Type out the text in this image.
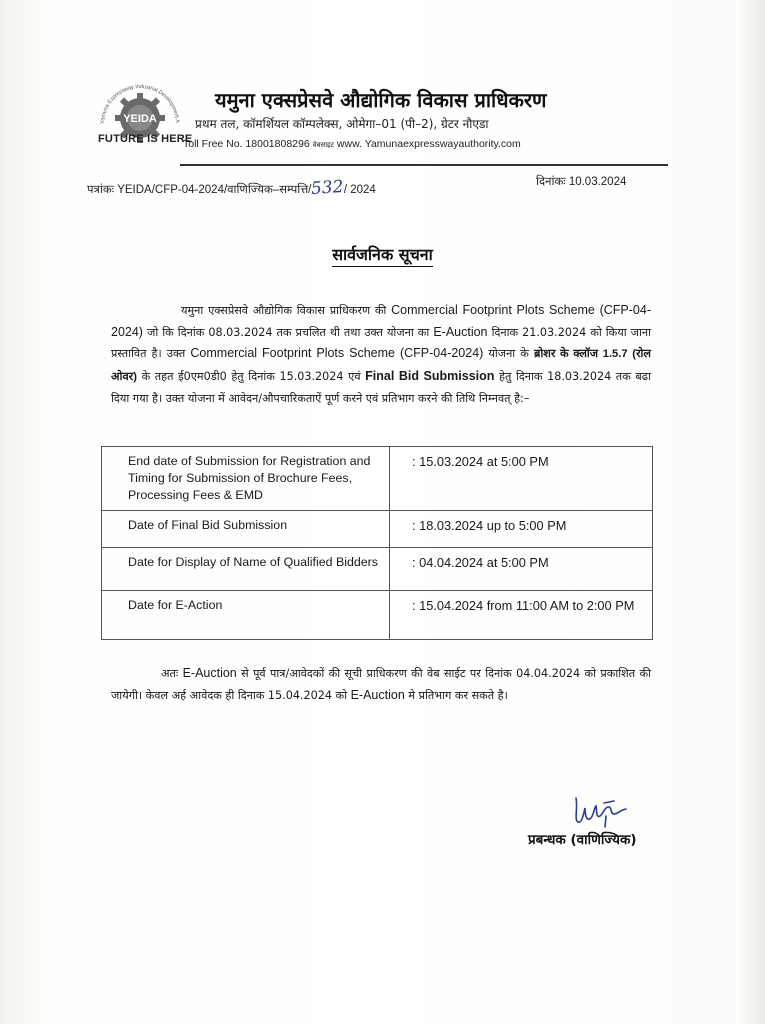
Yamuna Expressway Industrial Development A
YEIDA
FUTURE IS HERE
यमुना एक्सप्रेसवे औद्योगिक विकास प्राधिकरण
प्रथम तल, कॉमर्शियल कॉम्पलेक्स, ओमेगा–01 (पी–2), ग्रेटर नौएडा
Toll Free No. 18001808296 वेबसाइट www. Yamunaexpresswayauthority.com
पत्रांकः YEIDA/CFP-04-2024/वाणिज्यिक–सम्पत्ति/532/ 2024
दिनांकः 10.03.2024
सार्वजनिक सूचना
यमुना एक्सप्रेसवे औद्योगिक विकास प्राधिकरण की Commercial Footprint Plots Scheme (CFP-04-2024) जो कि दिनांक 08.03.2024 तक प्रचलित थी तथा उक्त योजना का E-Auction दिनाक 21.03.2024 को किया जाना प्रस्तावित है। उक्त Commercial Footprint Plots Scheme (CFP-04-2024) योजना के ब्रोशर के क्लॉज 1.5.7 (रोल ओवर) के तहत ई0एम0डी0 हेतु दिनांक 15.03.2024 एवं Final Bid Submission हेतु दिनाक 18.03.2024 तक बढा दिया गया है। उक्त योजना में आवेदन/औपचारिकताऐं पूर्ण करने एवं प्रतिभाग करने की तिथि निम्नवत् है:–
End date of Submission for Registration and Timing for Submission of Brochure Fees, Processing Fees & EMD	: 15.03.2024 at 5:00 PM
Date of Final Bid Submission	: 18.03.2024 up to 5:00 PM
Date for Display of Name of Qualified Bidders	: 04.04.2024 at 5:00 PM
Date for E-Action	: 15.04.2024 from 11:00 AM to 2:00 PM
अतः E-Auction से पूर्व पात्र/आवेदकों की सूची प्राधिकरण की वेब साईट पर दिनांक 04.04.2024 को प्रकाशित की जायेगी। केवल अर्ह आवेदक ही दिनाक 15.04.2024 को E-Auction मे प्रतिभाग कर सकते है।
प्रबन्धक (वाणिज्यिक)
